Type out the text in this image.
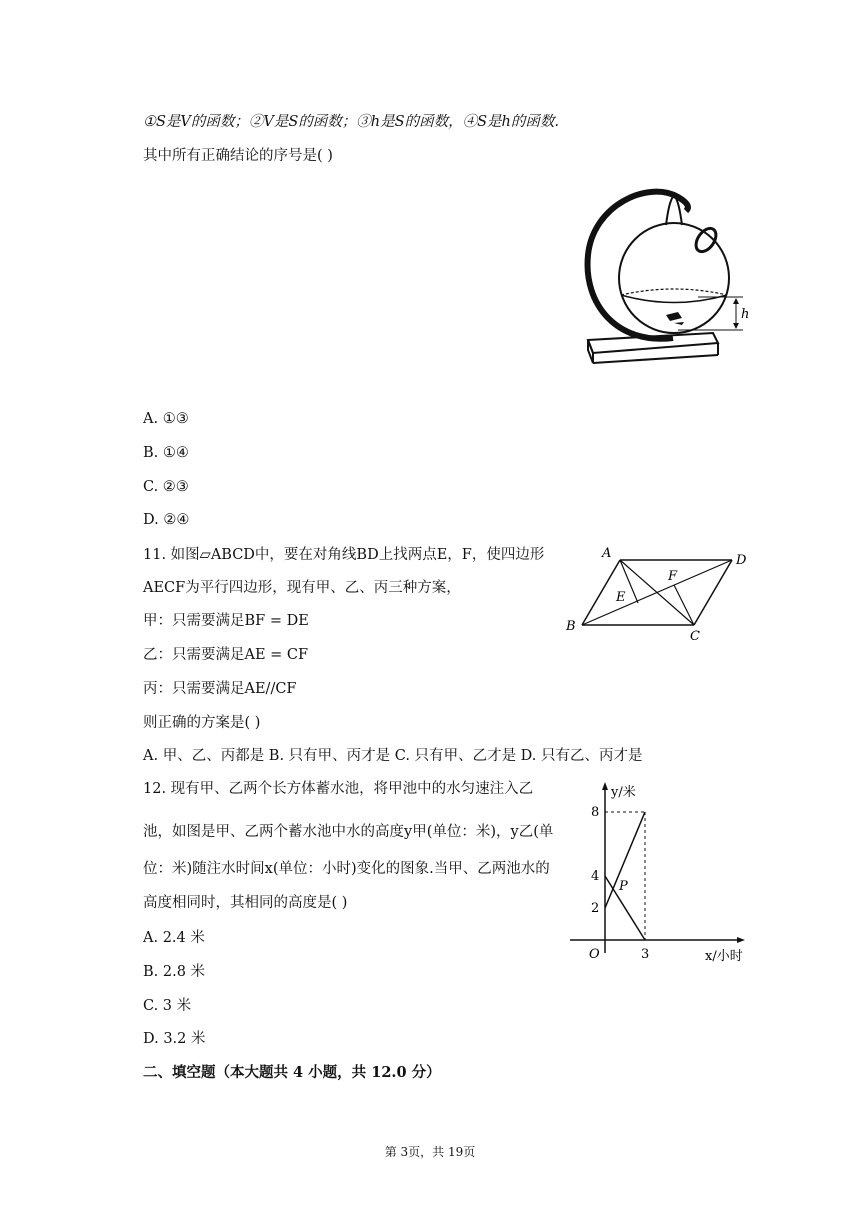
①S是V的函数；②V是S的函数；③h是S的函数，④S是h的函数.
其中所有正确结论的序号是( )
h
A. ①③
B. ①④
C. ②③
D. ②④
11. 如图▱ABCD中，要在对角线BD上找两点E，F，使四边形
AECF为平行四边形，现有甲、乙、丙三种方案，
甲：只需要满足BF = DE
乙：只需要满足AE = CF
丙：只需要满足AE//CF
则正确的方案是( )
A. 甲、乙、丙都是 B. 只有甲、丙才是 C. 只有甲、乙才是 D. 只有乙、丙才是
A	D
B
C
E
F
12. 现有甲、乙两个长方体蓄水池，将甲池中的水匀速注入乙
池，如图是甲、乙两个蓄水池中水的高度y甲(单位：米)，y乙(单
位：米)随注水时间x(单位：小时)变化的图象.当甲、乙两池水的
高度相同时，其相同的高度是( )
y/米
x/小时
O
8
4
2
3
P
A. 2.4 米
B. 2.8 米
C. 3 米
D. 3.2 米
二、填空题（本大题共 4 小题，共 12.0 分）
第 3页，共 19页
